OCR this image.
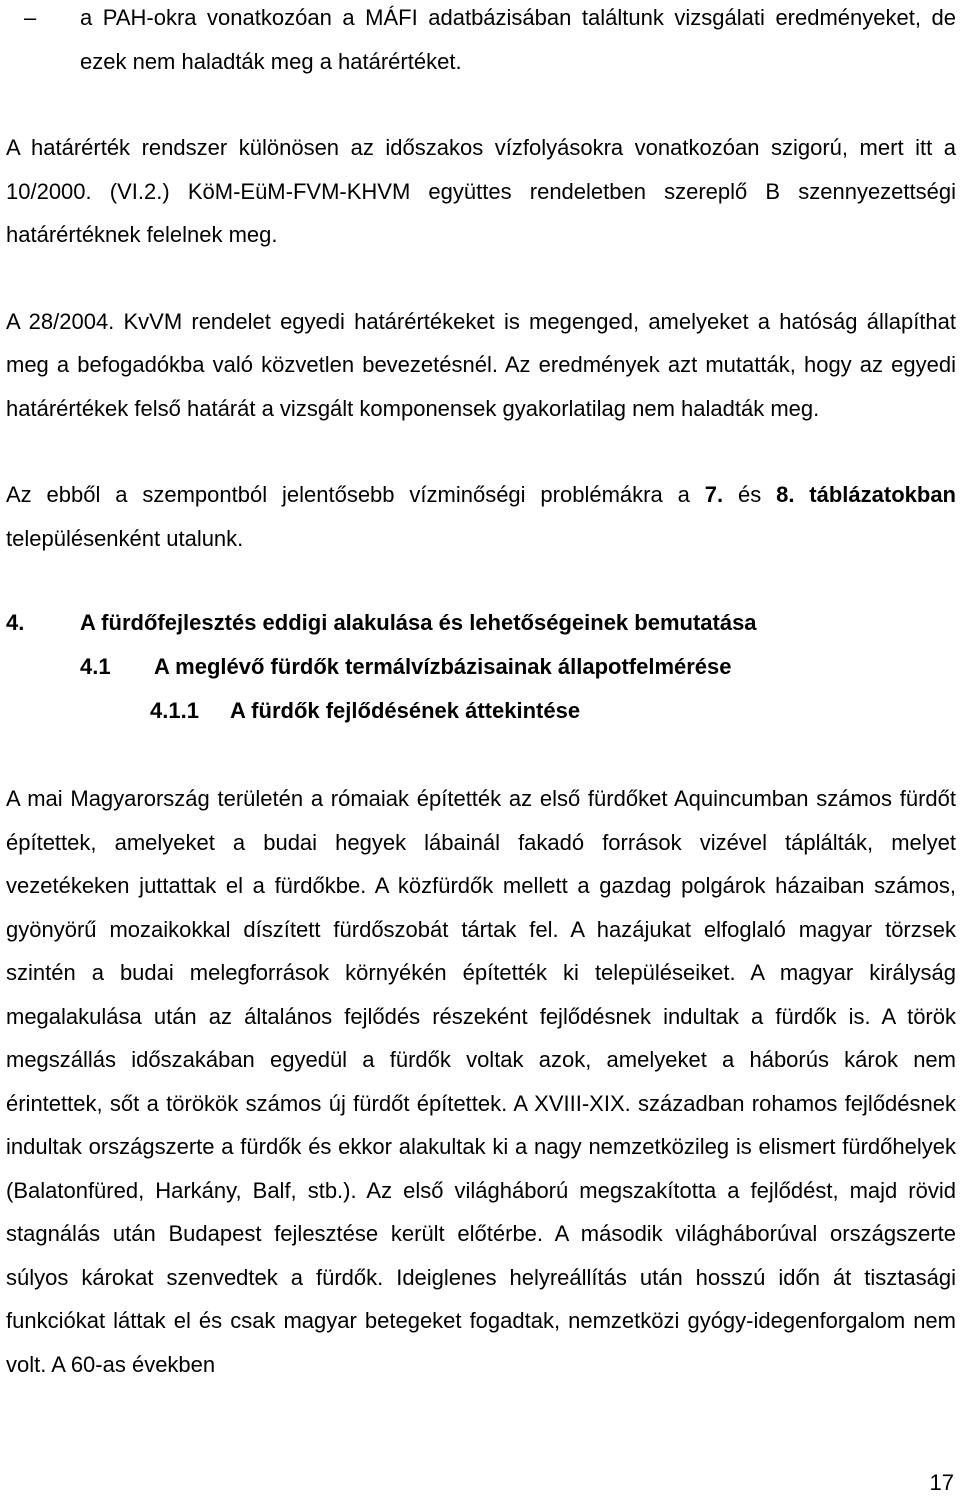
– a PAH-okra vonatkozóan a MÁFI adatbázisában találtunk vizsgálati eredményeket, de ezek nem haladták meg a határértéket.

A határérték rendszer különösen az időszakos vízfolyásokra vonatkozóan szigorú, mert itt a 10/2000. (VI.2.) KöM-EüM-FVM-KHVM együttes rendeletben szereplő B szennyezettségi határértéknek felelnek meg.

A 28/2004. KvVM rendelet egyedi határértékeket is megenged, amelyeket a hatóság állapíthat meg a befogadókba való közvetlen bevezetésnél. Az eredmények azt mutatták, hogy az egyedi határértékek felső határát a vizsgált komponensek gyakorlatilag nem haladták meg.

Az ebből a szempontból jelentősebb vízminőségi problémákra a 7. és 8. táblázatokban településenként utalunk.

4.	A fürdőfejlesztés eddigi alakulása és lehetőségeinek bemutatása
4.1	A meglévő fürdők termálvízbázisainak állapotfelmérése
4.1.1	A fürdők fejlődésének áttekintése

A mai Magyarország területén a rómaiak építették az első fürdőket Aquincumban számos fürdőt építettek, amelyeket a budai hegyek lábainál fakadó források vizével táplálták, melyet vezetékeken juttattak el a fürdőkbe. A közfürdők mellett a gazdag polgárok házaiban számos, gyönyörű mozaikokkal díszített fürdőszobát tártak fel. A hazájukat elfoglaló magyar törzsek szintén a budai melegforrások környékén építették ki településeiket. A magyar királyság megalakulása után az általános fejlődés részeként fejlődésnek indultak a fürdők is. A török megszállás időszakában egyedül a fürdők voltak azok, amelyeket a háborús károk nem érintettek, sőt a törökök számos új fürdőt építettek. A XVIII-XIX. században rohamos fejlődésnek indultak országszerte a fürdők és ekkor alakultak ki a nagy nemzetközileg is elismert fürdőhelyek (Balatonfüred, Harkány, Balf, stb.). Az első világháború megszakította a fejlődést, majd rövid stagnálás után Budapest fejlesztése került előtérbe. A második világháborúval országszerte súlyos károkat szenvedtek a fürdők. Ideiglenes helyreállítás után hosszú időn át tisztasági funkciókat láttak el és csak magyar betegeket fogadtak, nemzetközi gyógy-idegenforgalom nem volt. A 60-as években

17
